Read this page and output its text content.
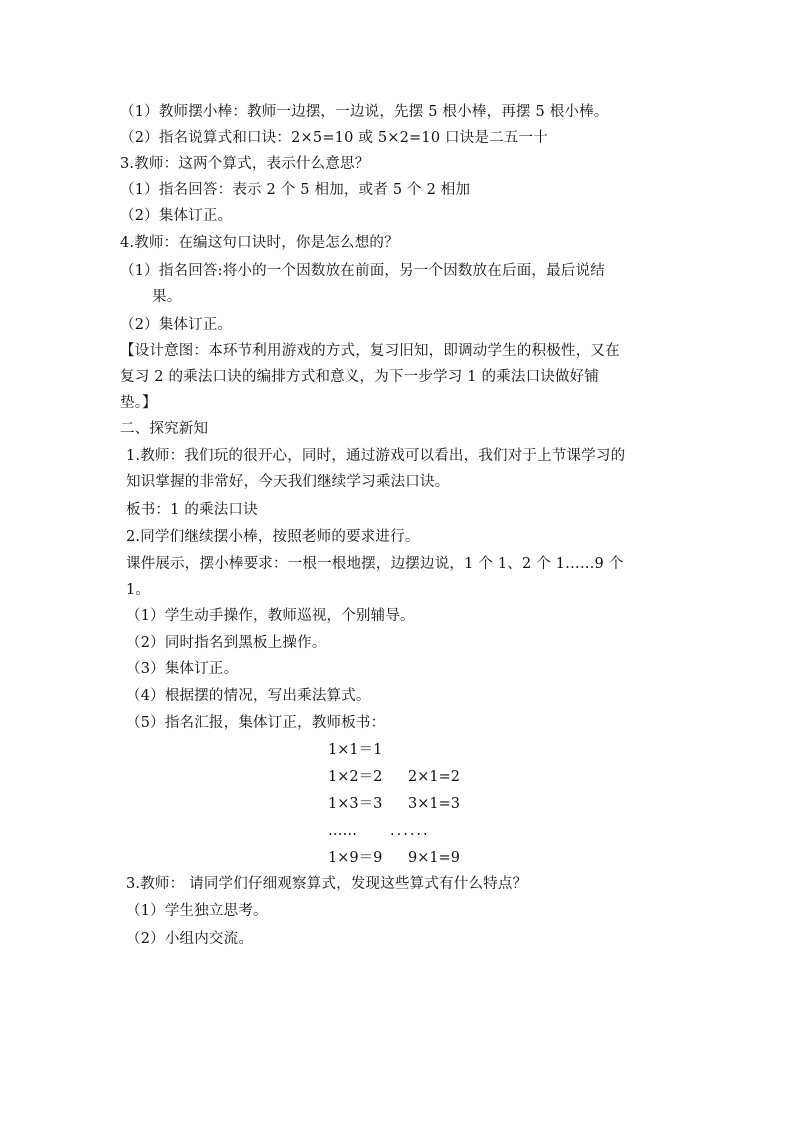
（1）教师摆小棒：教师一边摆，一边说，先摆 5 根小棒，再摆 5 根小棒。
（2）指名说算式和口诀：2×5=10 或 5×2=10 口诀是二五一十
3.教师：这两个算式，表示什么意思？
（1）指名回答：表示 2 个 5 相加，或者 5 个 2 相加
（2）集体订正。
4.教师：在编这句口诀时，你是怎么想的？
（1）指名回答:将小的一个因数放在前面，另一个因数放在后面，最后说结
果。
（2）集体订正。
【设计意图：本环节利用游戏的方式，复习旧知，即调动学生的积极性，又在
复习 2 的乘法口诀的编排方式和意义，为下一步学习 1 的乘法口诀做好铺
垫。】
二、探究新知
1.教师：我们玩的很开心，同时，通过游戏可以看出，我们对于上节课学习的
知识掌握的非常好，今天我们继续学习乘法口诀。
板书：1 的乘法口诀
2.同学们继续摆小棒，按照老师的要求进行。
课件展示，摆小棒要求：一根一根地摆，边摆边说，1 个 1、2 个 1……9 个
1。
（1）学生动手操作，教师巡视，个别辅导。
（2）同时指名到黑板上操作。
（3）集体订正。
（4）根据摆的情况，写出乘法算式。
（5）指名汇报，集体订正，教师板书：
1×1＝1
1×2＝2
1×3＝3
……
1×9＝9
2×1=2
3×1=3
......
9×1=9
3.教师： 请同学们仔细观察算式，发现这些算式有什么特点？
（1）学生独立思考。
（2）小组内交流。
